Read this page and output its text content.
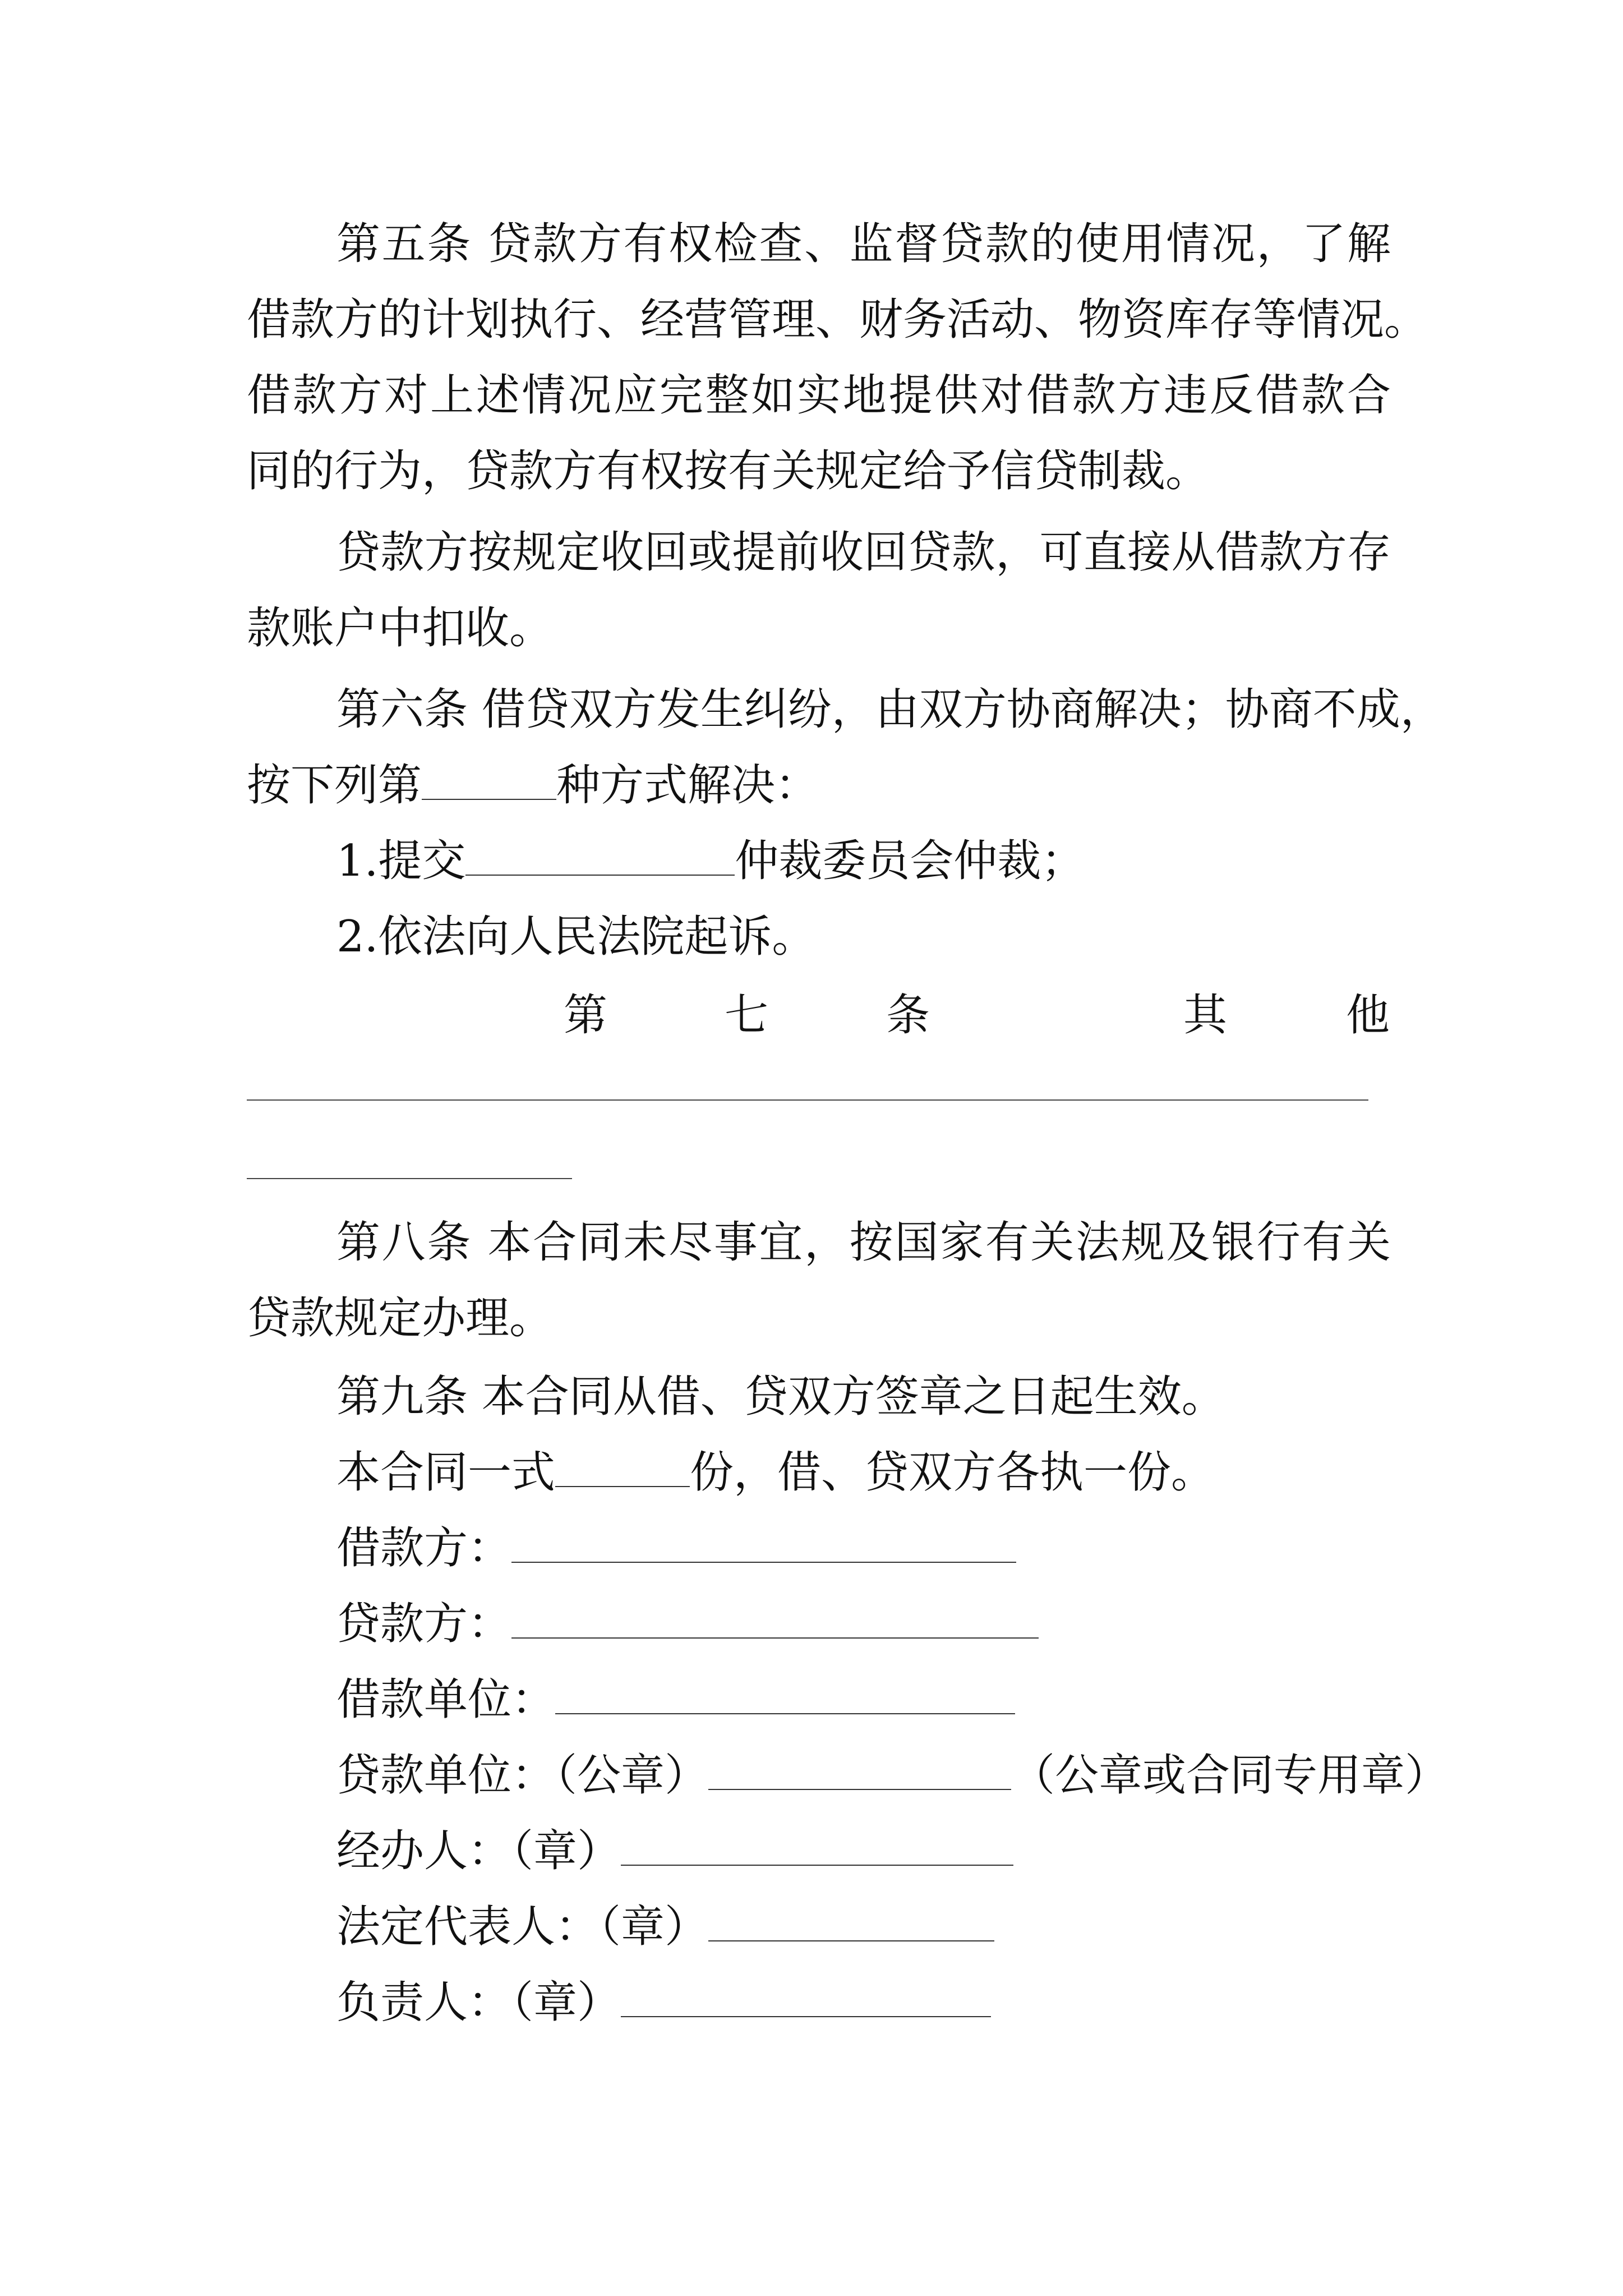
第五条 贷款方有权检查、监督贷款的使用情况，了解
借款方的计划执行、经营管理、财务活动、物资库存等情况。
借款方对上述情况应完整如实地提供对借款方违反借款合
同的行为，贷款方有权按有关规定给予信贷制裁。
贷款方按规定收回或提前收回贷款，可直接从借款方存
款账户中扣收。
第六条 借贷双方发生纠纷，由双方协商解决；协商不成，
按下列第	种方式解决：
1.提交	仲裁委员会仲裁；
2.依法向人民法院起诉。
第	七	条	其	他
第八条 本合同未尽事宜，按国家有关法规及银行有关
贷款规定办理。
第九条 本合同从借、贷双方签章之日起生效。
本合同一式	份，借、贷双方各执一份。
借款方：
贷款方：
借款单位：
贷款单位：（公章）	（公章或合同专用章）
经办人：（章）
法定代表人：（章）
负责人：（章）
